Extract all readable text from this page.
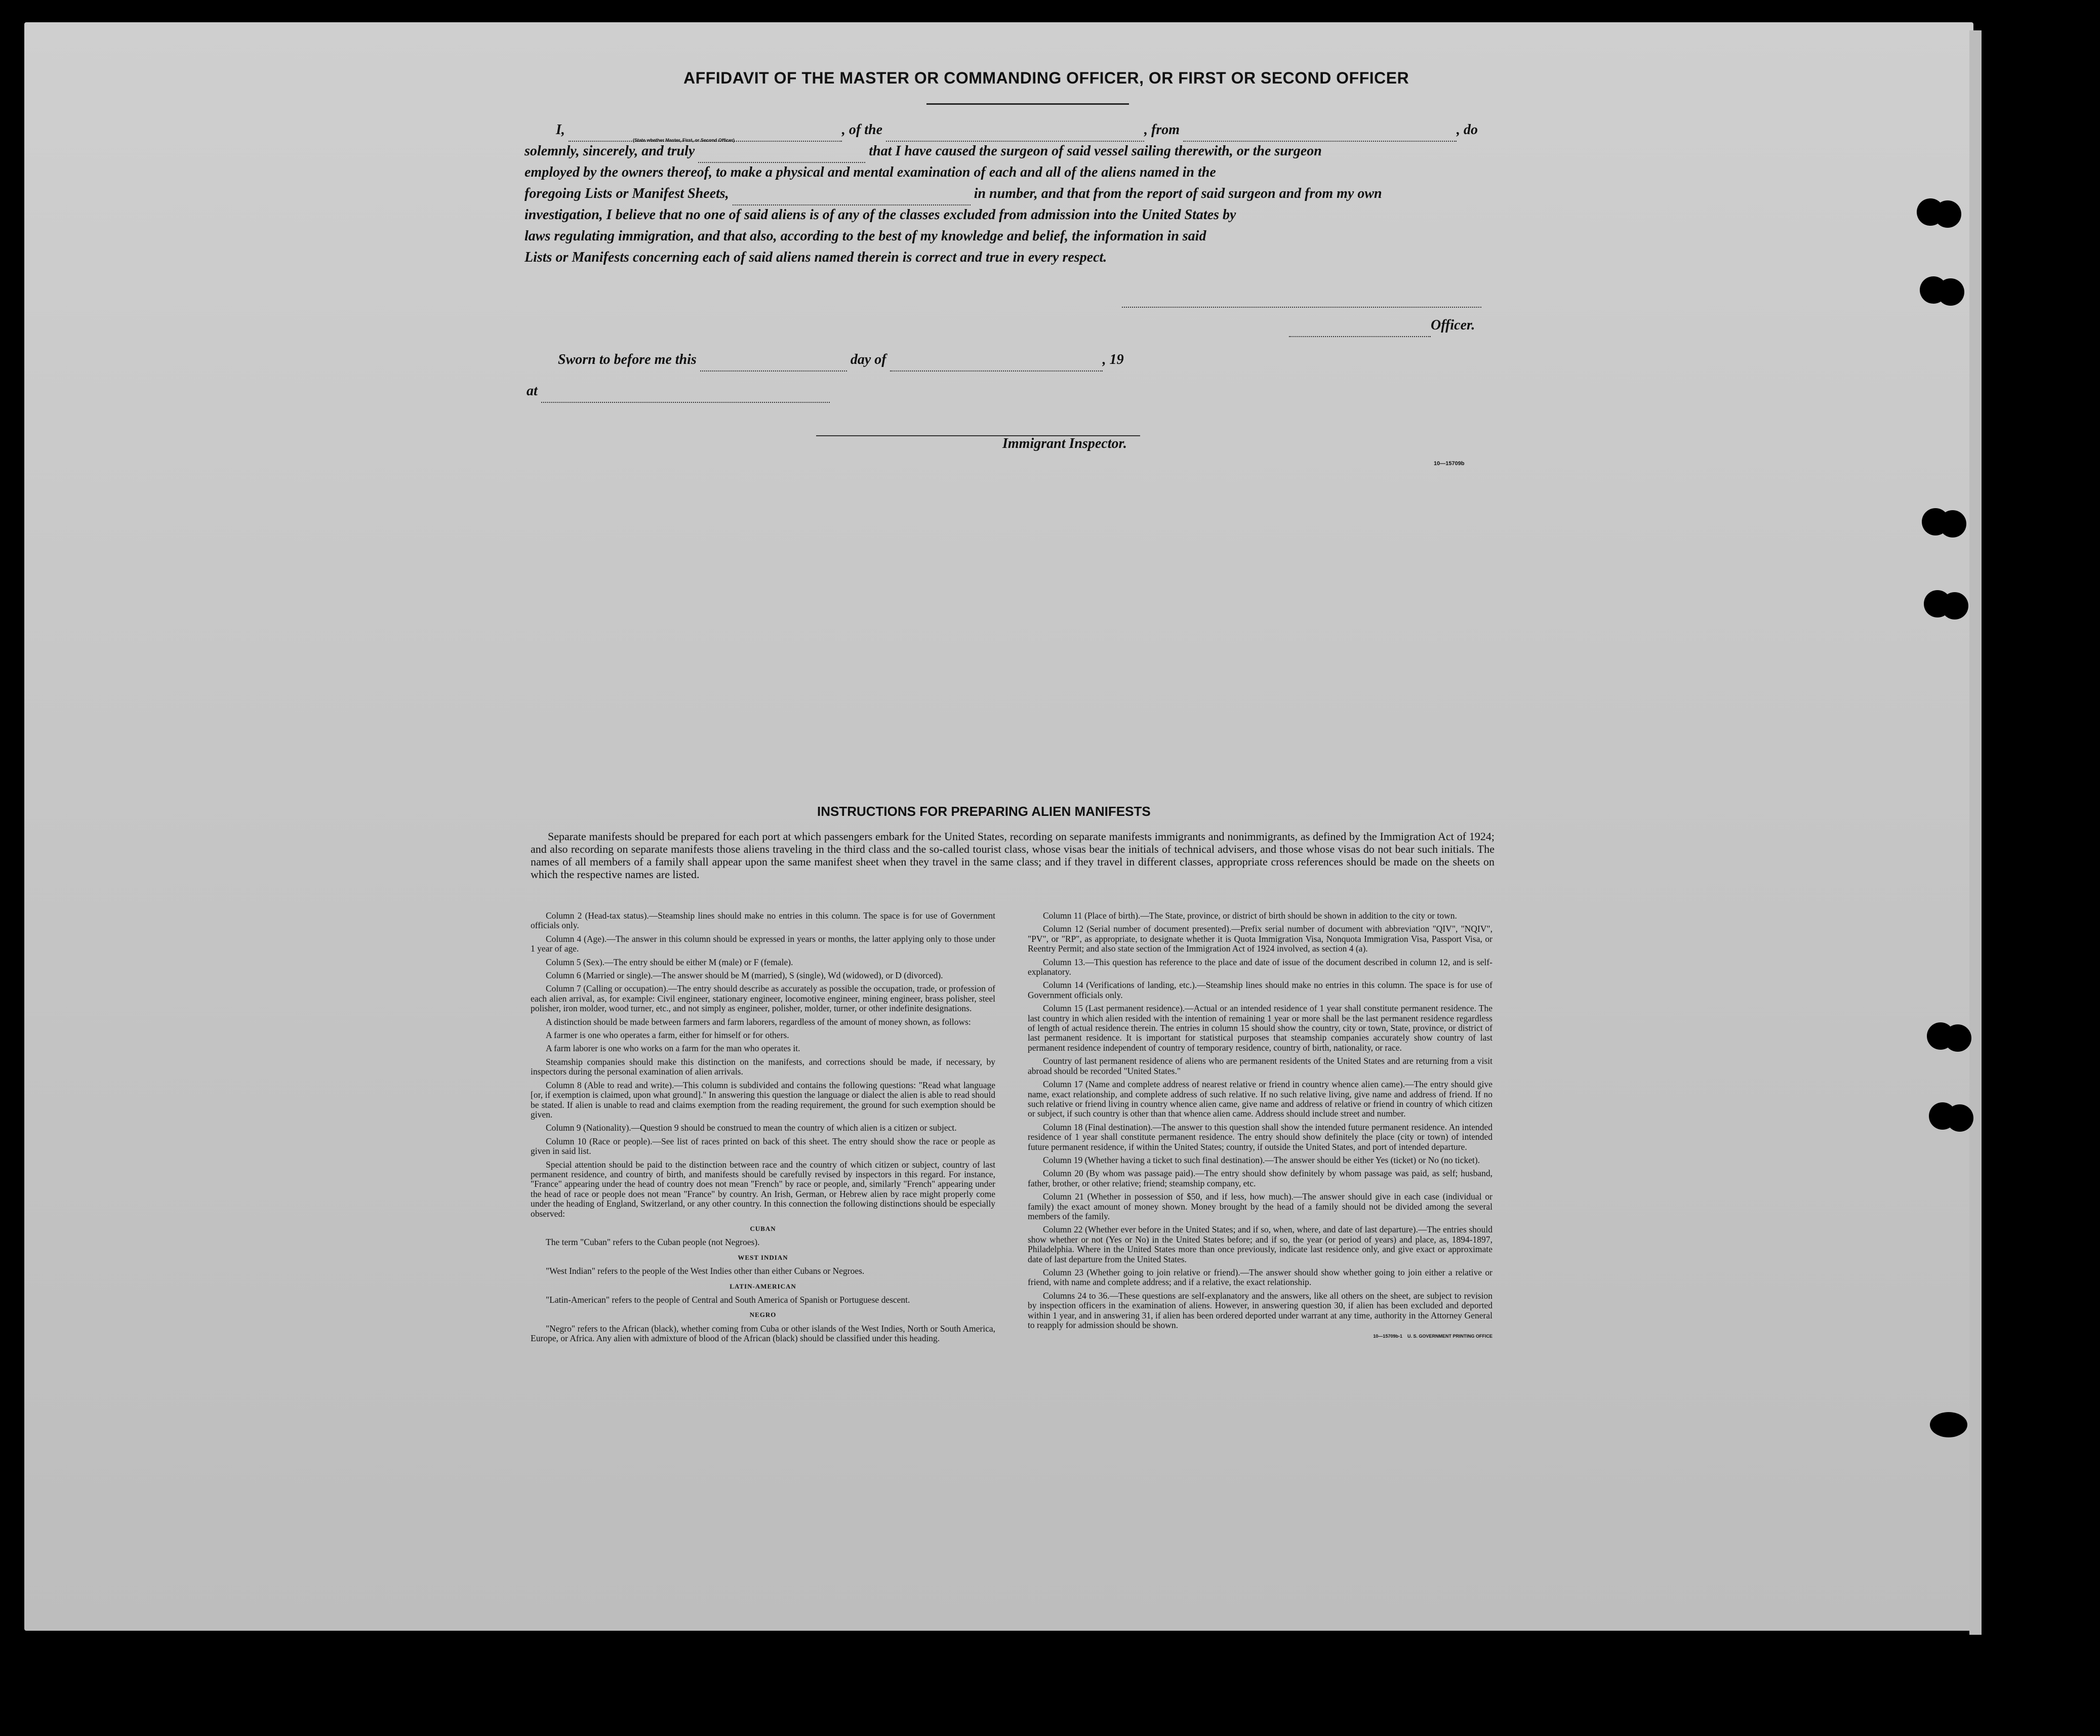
AFFIDAVIT OF THE MASTER OR COMMANDING OFFICER, OR FIRST OR SECOND OFFICER
I,	, of the	, from	, do
(State whether Master, First, or Second Officer)
solemnly, sincerely, and truly	that I have caused the surgeon of said vessel sailing therewith, or the surgeon
employed by the owners thereof, to make a physical and mental examination of each and all of the aliens named in the
foregoing Lists or Manifest Sheets,	in number, and that from the report of said surgeon and from my own
investigation, I believe that no one of said aliens is of any of the classes excluded from admission into the United States by
laws regulating immigration, and that also, according to the best of my knowledge and belief, the information in said
Lists or Manifests concerning each of said aliens named therein is correct and true in every respect.
Officer.
Sworn to before me this	day of	, 19
at
Immigrant Inspector.
10—15709b
INSTRUCTIONS FOR PREPARING ALIEN MANIFESTS
Separate manifests should be prepared for each port at which passengers embark for the United States, recording on separate manifests immigrants and nonimmigrants, as defined by the Immigration Act of 1924; and also recording on separate manifests those aliens traveling in the third class and the so-called tourist class, whose visas bear the initials of technical advisers, and those whose visas do not bear such initials. The names of all members of a family shall appear upon the same manifest sheet when they travel in the same class; and if they travel in different classes, appropriate cross references should be made on the sheets on which the respective names are listed.

Column 2 (Head-tax status).—Steamship lines should make no entries in this column. The space is for use of Government officials only.

Column 4 (Age).—The answer in this column should be expressed in years or months, the latter applying only to those under 1 year of age.

Column 5 (Sex).—The entry should be either M (male) or F (female).

Column 6 (Married or single).—The answer should be M (married), S (single), Wd (widowed), or D (divorced).

Column 7 (Calling or occupation).—The entry should describe as accurately as possible the occupation, trade, or profession of each alien arrival, as, for example: Civil engineer, stationary engineer, locomotive engineer, mining engineer, brass polisher, steel polisher, iron molder, wood turner, etc., and not simply as engineer, polisher, molder, turner, or other indefinite designations.

A distinction should be made between farmers and farm laborers, regardless of the amount of money shown, as follows:

A farmer is one who operates a farm, either for himself or for others.

A farm laborer is one who works on a farm for the man who operates it.

Steamship companies should make this distinction on the manifests, and corrections should be made, if necessary, by inspectors during the personal examination of alien arrivals.

Column 8 (Able to read and write).—This column is subdivided and contains the following questions: "Read what language [or, if exemption is claimed, upon what ground]." In answering this question the language or dialect the alien is able to read should be stated. If alien is unable to read and claims exemption from the reading requirement, the ground for such exemption should be given.

Column 9 (Nationality).—Question 9 should be construed to mean the country of which alien is a citizen or subject.

Column 10 (Race or people).—See list of races printed on back of this sheet. The entry should show the race or people as given in said list.

Special attention should be paid to the distinction between race and the country of which citizen or subject, country of last permanent residence, and country of birth, and manifests should be carefully revised by inspectors in this regard. For instance, "France" appearing under the head of country does not mean "French" by race or people, and, similarly "French" appearing under the head of race or people does not mean "France" by country. An Irish, German, or Hebrew alien by race might properly come under the heading of England, Switzerland, or any other country. In this connection the following distinctions should be especially observed:

CUBAN

The term "Cuban" refers to the Cuban people (not Negroes).

WEST INDIAN

"West Indian" refers to the people of the West Indies other than either Cubans or Negroes.

LATIN-AMERICAN

"Latin-American" refers to the people of Central and South America of Spanish or Portuguese descent.

NEGRO

"Negro" refers to the African (black), whether coming from Cuba or other islands of the West Indies, North or South America, Europe, or Africa. Any alien with admixture of blood of the African (black) should be classified under this heading.

Column 11 (Place of birth).—The State, province, or district of birth should be shown in addition to the city or town.

Column 12 (Serial number of document presented).—Prefix serial number of document with abbreviation "QIV", "NQIV", "PV", or "RP", as appropriate, to designate whether it is Quota Immigration Visa, Nonquota Immigration Visa, Passport Visa, or Reentry Permit; and also state section of the Immigration Act of 1924 involved, as section 4 (a).

Column 13.—This question has reference to the place and date of issue of the document described in column 12, and is self-explanatory.

Column 14 (Verifications of landing, etc.).—Steamship lines should make no entries in this column. The space is for use of Government officials only.

Column 15 (Last permanent residence).—Actual or an intended residence of 1 year shall constitute permanent residence. The last country in which alien resided with the intention of remaining 1 year or more shall be the last permanent residence regardless of length of actual residence therein. The entries in column 15 should show the country, city or town, State, province, or district of last permanent residence. It is important for statistical purposes that steamship companies accurately show country of last permanent residence independent of country of temporary residence, country of birth, nationality, or race.

Country of last permanent residence of aliens who are permanent residents of the United States and are returning from a visit abroad should be recorded "United States."

Column 17 (Name and complete address of nearest relative or friend in country whence alien came).—The entry should give name, exact relationship, and complete address of such relative. If no such relative living, give name and address of friend. If no such relative or friend living in country whence alien came, give name and address of relative or friend in country of which citizen or subject, if such country is other than that whence alien came. Address should include street and number.

Column 18 (Final destination).—The answer to this question shall show the intended future permanent residence. An intended residence of 1 year shall constitute permanent residence. The entry should show definitely the place (city or town) of intended future permanent residence, if within the United States; country, if outside the United States, and port of intended departure.

Column 19 (Whether having a ticket to such final destination).—The answer should be either Yes (ticket) or No (no ticket).

Column 20 (By whom was passage paid).—The entry should show definitely by whom passage was paid, as self; husband, father, brother, or other relative; friend; steamship company, etc.

Column 21 (Whether in possession of $50, and if less, how much).—The answer should give in each case (individual or family) the exact amount of money shown. Money brought by the head of a family should not be divided among the several members of the family.

Column 22 (Whether ever before in the United States; and if so, when, where, and date of last departure).—The entries should show whether or not (Yes or No) in the United States before; and if so, the year (or period of years) and place, as, 1894-1897, Philadelphia. Where in the United States more than once previously, indicate last residence only, and give exact or approximate date of last departure from the United States.

Column 23 (Whether going to join relative or friend).—The answer should show whether going to join either a relative or friend, with name and complete address; and if a relative, the exact relationship.

Columns 24 to 36.—These questions are self-explanatory and the answers, like all others on the sheet, are subject to revision by inspection officers in the examination of aliens. However, in answering question 30, if alien has been excluded and deported within 1 year, and in answering 31, if alien has been ordered deported under warrant at any time, authority in the Attorney General to reapply for admission should be shown.

10—15709b-1 U. S. GOVERNMENT PRINTING OFFICE
